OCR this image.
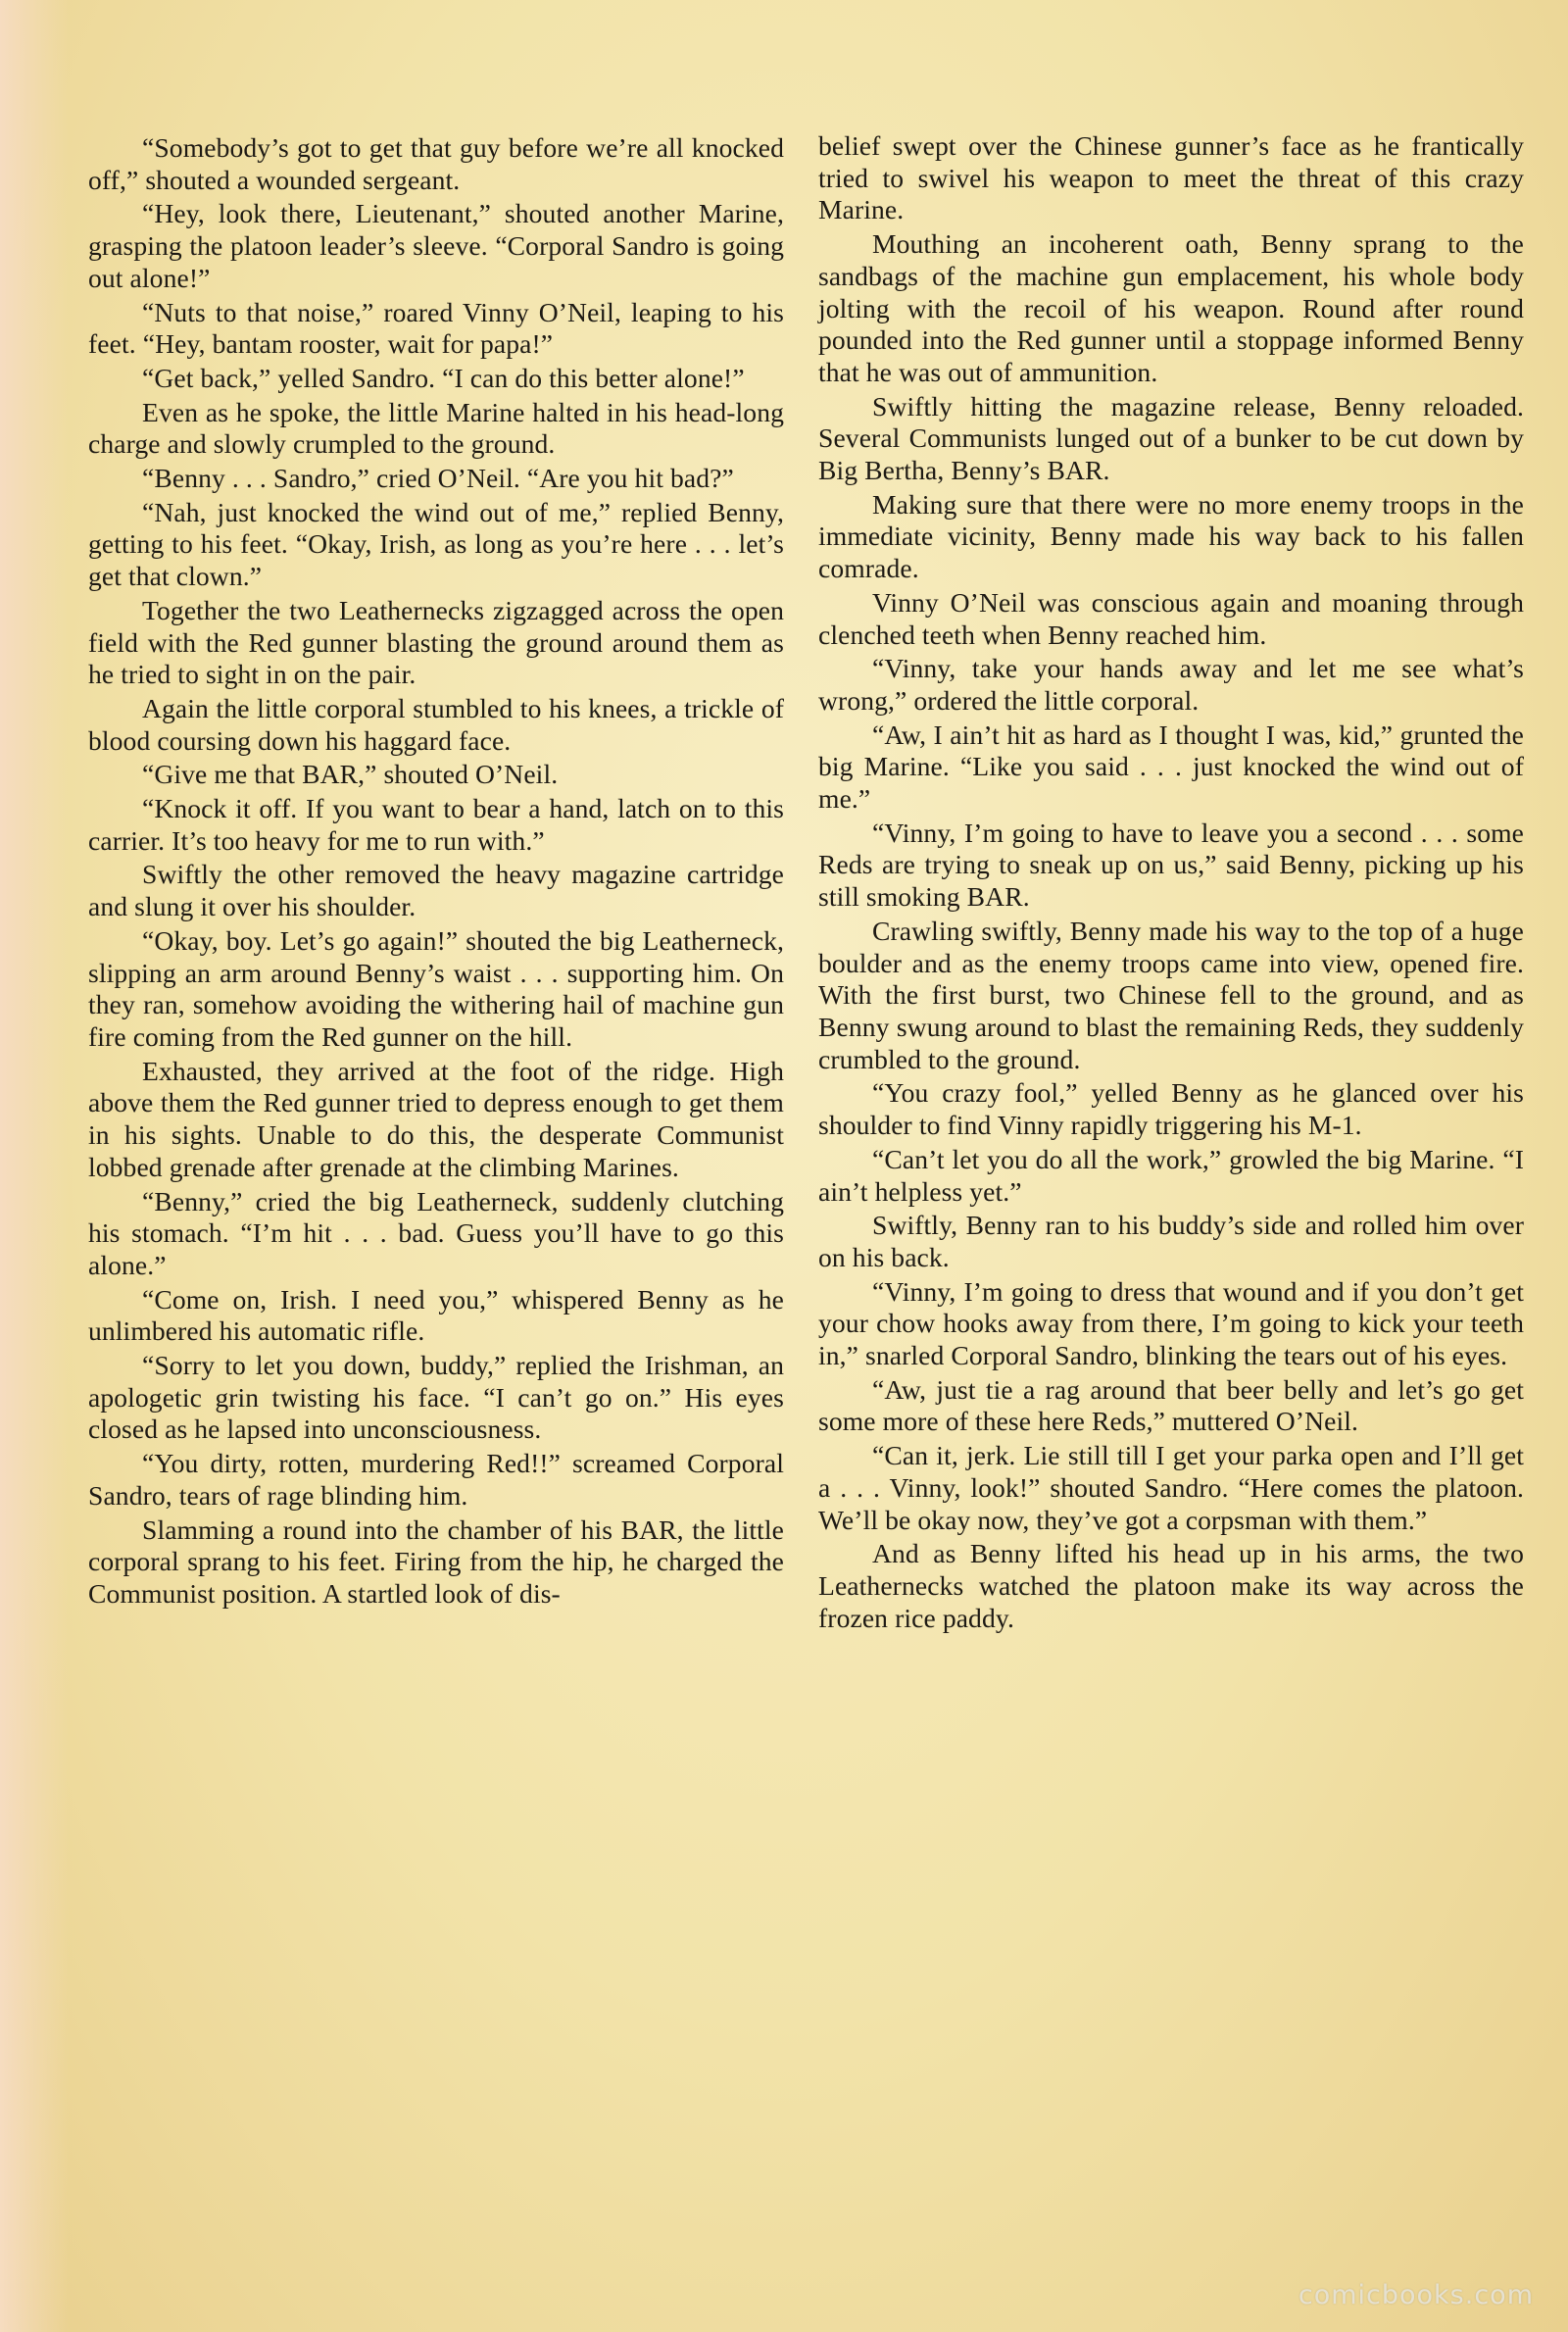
“Somebody’s got to get that guy before we’re all knocked off,” shouted a wounded sergeant.

“Hey, look there, Lieutenant,” shouted another Marine, grasping the platoon leader’s sleeve. “Corporal Sandro is going out alone!”

“Nuts to that noise,” roared Vinny O’Neil, leaping to his feet. “Hey, bantam rooster, wait for papa!”

“Get back,” yelled Sandro. “I can do this better alone!”

Even as he spoke, the little Marine halted in his head-long charge and slowly crumpled to the ground.

“Benny . . . Sandro,” cried O’Neil. “Are you hit bad?”

“Nah, just knocked the wind out of me,” replied Benny, getting to his feet. “Okay, Irish, as long as you’re here . . . let’s get that clown.”

Together the two Leathernecks zigzagged across the open field with the Red gunner blasting the ground around them as he tried to sight in on the pair.

Again the little corporal stumbled to his knees, a trickle of blood coursing down his haggard face.

“Give me that BAR,” shouted O’Neil.

“Knock it off. If you want to bear a hand, latch on to this carrier. It’s too heavy for me to run with.”

Swiftly the other removed the heavy magazine cartridge and slung it over his shoulder.

“Okay, boy. Let’s go again!” shouted the big Leatherneck, slipping an arm around Benny’s waist . . . supporting him. On they ran, somehow avoiding the withering hail of machine gun fire coming from the Red gunner on the hill.

Exhausted, they arrived at the foot of the ridge. High above them the Red gunner tried to depress enough to get them in his sights. Unable to do this, the desperate Communist lobbed grenade after grenade at the climbing Marines.

“Benny,” cried the big Leatherneck, suddenly clutching his stomach. “I’m hit . . . bad. Guess you’ll have to go this alone.”

“Come on, Irish. I need you,” whispered Benny as he unlimbered his automatic rifle.

“Sorry to let you down, buddy,” replied the Irishman, an apologetic grin twisting his face. “I can’t go on.” His eyes closed as he lapsed into unconsciousness.

“You dirty, rotten, murdering Red!!” screamed Corporal Sandro, tears of rage blinding him.

Slamming a round into the chamber of his BAR, the little corporal sprang to his feet. Firing from the hip, he charged the Communist position. A startled look of dis-

belief swept over the Chinese gunner’s face as he frantically tried to swivel his weapon to meet the threat of this crazy Marine.

Mouthing an incoherent oath, Benny sprang to the sandbags of the machine gun emplacement, his whole body jolting with the recoil of his weapon. Round after round pounded into the Red gunner until a stoppage informed Benny that he was out of ammunition.

Swiftly hitting the magazine release, Benny reloaded. Several Communists lunged out of a bunker to be cut down by Big Bertha, Benny’s BAR.

Making sure that there were no more enemy troops in the immediate vicinity, Benny made his way back to his fallen comrade.

Vinny O’Neil was conscious again and moaning through clenched teeth when Benny reached him.

“Vinny, take your hands away and let me see what’s wrong,” ordered the little corporal.

“Aw, I ain’t hit as hard as I thought I was, kid,” grunted the big Marine. “Like you said . . . just knocked the wind out of me.”

“Vinny, I’m going to have to leave you a second . . . some Reds are trying to sneak up on us,” said Benny, picking up his still smoking BAR.

Crawling swiftly, Benny made his way to the top of a huge boulder and as the enemy troops came into view, opened fire. With the first burst, two Chinese fell to the ground, and as Benny swung around to blast the remaining Reds, they suddenly crumbled to the ground.

“You crazy fool,” yelled Benny as he glanced over his shoulder to find Vinny rapidly triggering his M-1.

“Can’t let you do all the work,” growled the big Marine. “I ain’t helpless yet.”

Swiftly, Benny ran to his buddy’s side and rolled him over on his back.

“Vinny, I’m going to dress that wound and if you don’t get your chow hooks away from there, I’m going to kick your teeth in,” snarled Corporal Sandro, blinking the tears out of his eyes.

“Aw, just tie a rag around that beer belly and let’s go get some more of these here Reds,” muttered O’Neil.

“Can it, jerk. Lie still till I get your parka open and I’ll get a . . . Vinny, look!” shouted Sandro. “Here comes the platoon. We’ll be okay now, they’ve got a corpsman with them.”

And as Benny lifted his head up in his arms, the two Leathernecks watched the platoon make its way across the frozen rice paddy.

comicbooks.com
